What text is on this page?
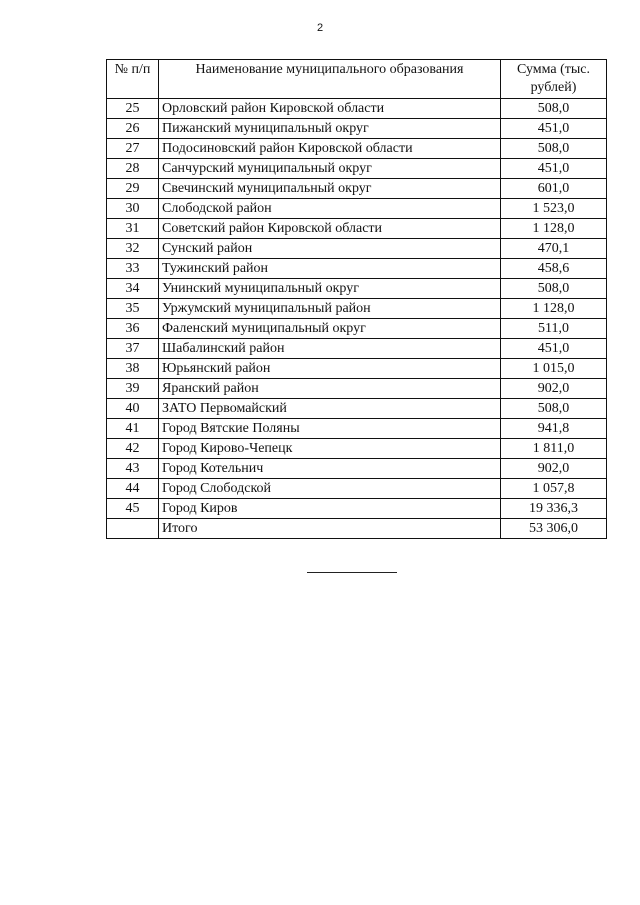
2
№ п/п	Наименование муниципального образования	Сумма (тыс. рублей)
25	Орловский район Кировской области	508,0
26	Пижанский муниципальный округ	451,0
27	Подосиновский район Кировской области	508,0
28	Санчурский муниципальный округ	451,0
29	Свечинский муниципальный округ	601,0
30	Слободской район	1 523,0
31	Советский район Кировской области	1 128,0
32	Сунский район	470,1
33	Тужинский район	458,6
34	Унинский муниципальный округ	508,0
35	Уржумский муниципальный район	1 128,0
36	Фаленский муниципальный округ	511,0
37	Шабалинский район	451,0
38	Юрьянский район	1 015,0
39	Яранский район	902,0
40	ЗАТО Первомайский	508,0
41	Город Вятские Поляны	941,8
42	Город Кирово-Чепецк	1 811,0
43	Город Котельнич	902,0
44	Город Слободской	1 057,8
45	Город Киров	19 336,3
	Итого	53 306,0
